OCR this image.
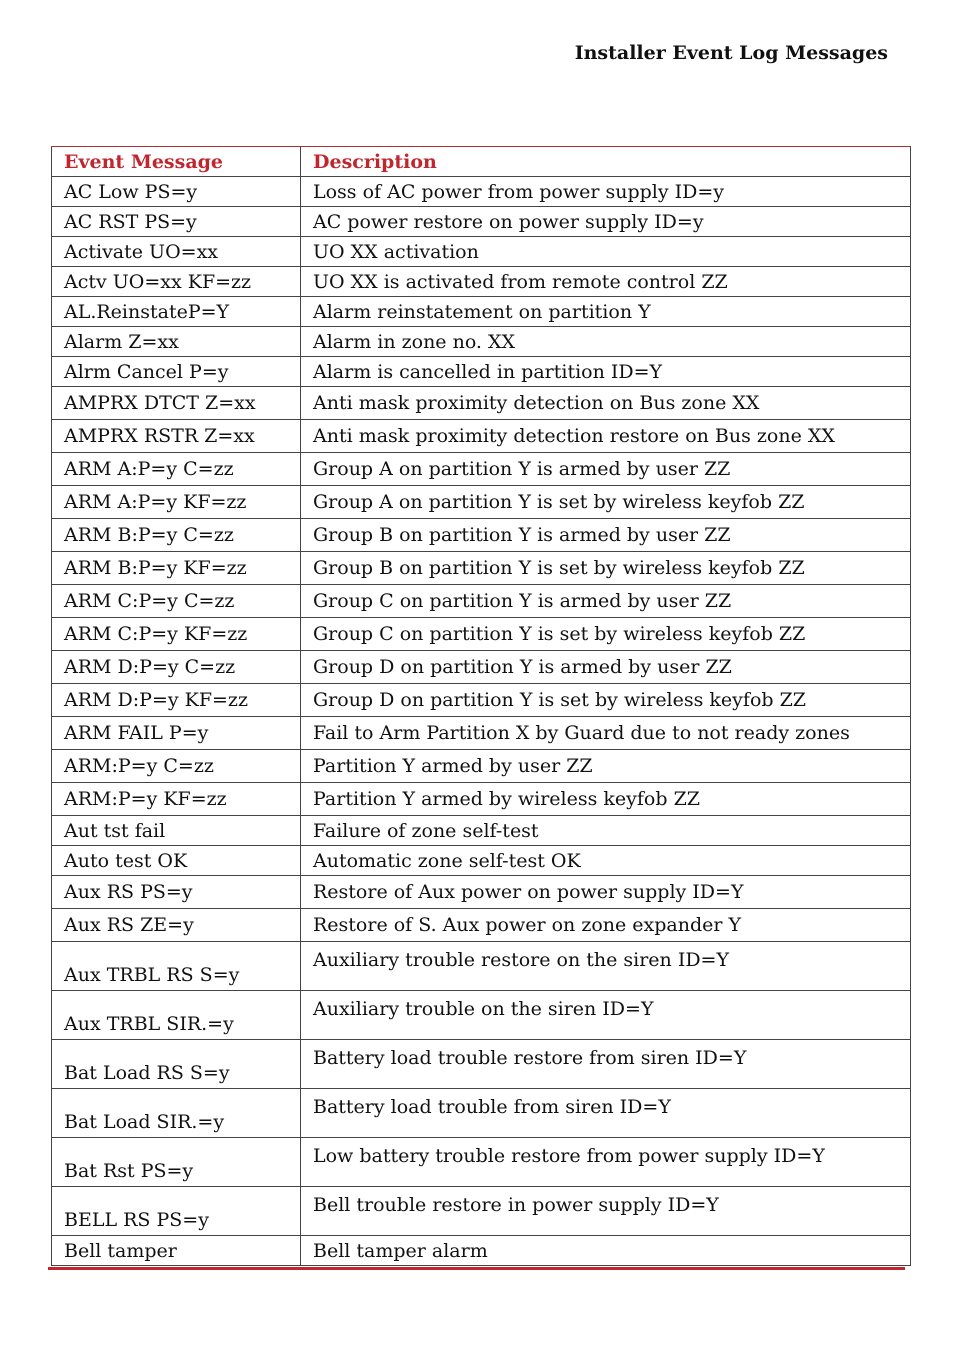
Installer Event Log Messages
Event Message	Description
AC Low PS=y	Loss of AC power from power supply ID=y
AC RST PS=y	AC power restore on power supply ID=y
Activate UO=xx	UO XX activation
Actv UO=xx KF=zz	UO XX is activated from remote control ZZ
AL.ReinstateP=Y	Alarm reinstatement on partition Y
Alarm Z=xx	Alarm in zone no. XX
Alrm Cancel P=y	Alarm is cancelled in partition ID=Y
AMPRX DTCT Z=xx	Anti mask proximity detection on Bus zone XX
AMPRX RSTR Z=xx	Anti mask proximity detection restore on Bus zone XX
ARM A:P=y C=zz	Group A on partition Y is armed by user ZZ
ARM A:P=y KF=zz	Group A on partition Y is set by wireless keyfob ZZ
ARM B:P=y C=zz	Group B on partition Y is armed by user ZZ
ARM B:P=y KF=zz	Group B on partition Y is set by wireless keyfob ZZ
ARM C:P=y C=zz	Group C on partition Y is armed by user ZZ
ARM C:P=y KF=zz	Group C on partition Y is set by wireless keyfob ZZ
ARM D:P=y C=zz	Group D on partition Y is armed by user ZZ
ARM D:P=y KF=zz	Group D on partition Y is set by wireless keyfob ZZ
ARM FAIL P=y	Fail to Arm Partition X by Guard due to not ready zones
ARM:P=y C=zz	Partition Y armed by user ZZ
ARM:P=y KF=zz	Partition Y armed by wireless keyfob ZZ
Aut tst fail	Failure of zone self-test
Auto test OK	Automatic zone self-test OK
Aux RS PS=y	Restore of Aux power on power supply ID=Y
Aux RS ZE=y	Restore of S. Aux power on zone expander Y
Aux TRBL RS S=y	Auxiliary trouble restore on the siren ID=Y
Aux TRBL SIR.=y	Auxiliary trouble on the siren ID=Y
Bat Load RS S=y	Battery load trouble restore from siren ID=Y
Bat Load SIR.=y	Battery load trouble from siren ID=Y
Bat Rst PS=y	Low battery trouble restore from power supply ID=Y
BELL RS PS=y	Bell trouble restore in power supply ID=Y
Bell tamper	Bell tamper alarm
